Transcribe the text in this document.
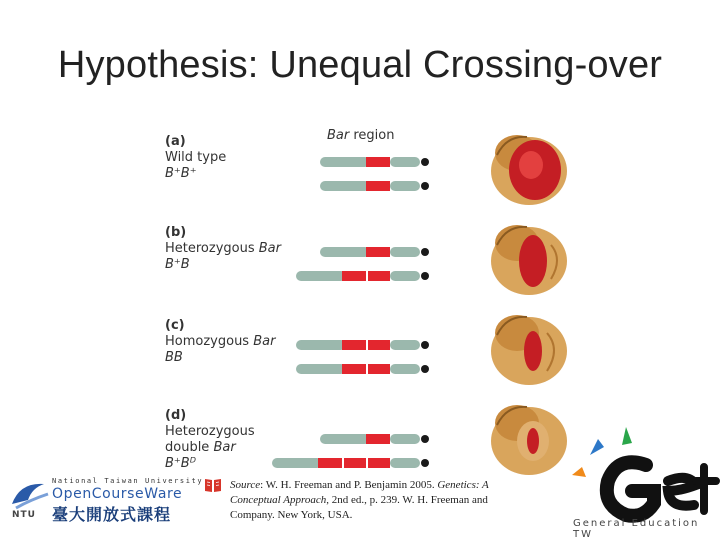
Hypothesis: Unequal Crossing-over
Bar region
(a)
Wild type
B⁺B⁺
(b)
Heterozygous Bar
B⁺B
(c)
Homozygous Bar
BB
(d)
Heterozygous
double Bar
B⁺Bᴰ
Source: W. H. Freeman and P. Benjamin 2005. Genetics: A Conceptual Approach, 2nd ed., p. 239. W. H. Freeman and Company. New York, USA.
National Taiwan University
OpenCourseWare
臺大開放式課程
NTU
General Education TW
